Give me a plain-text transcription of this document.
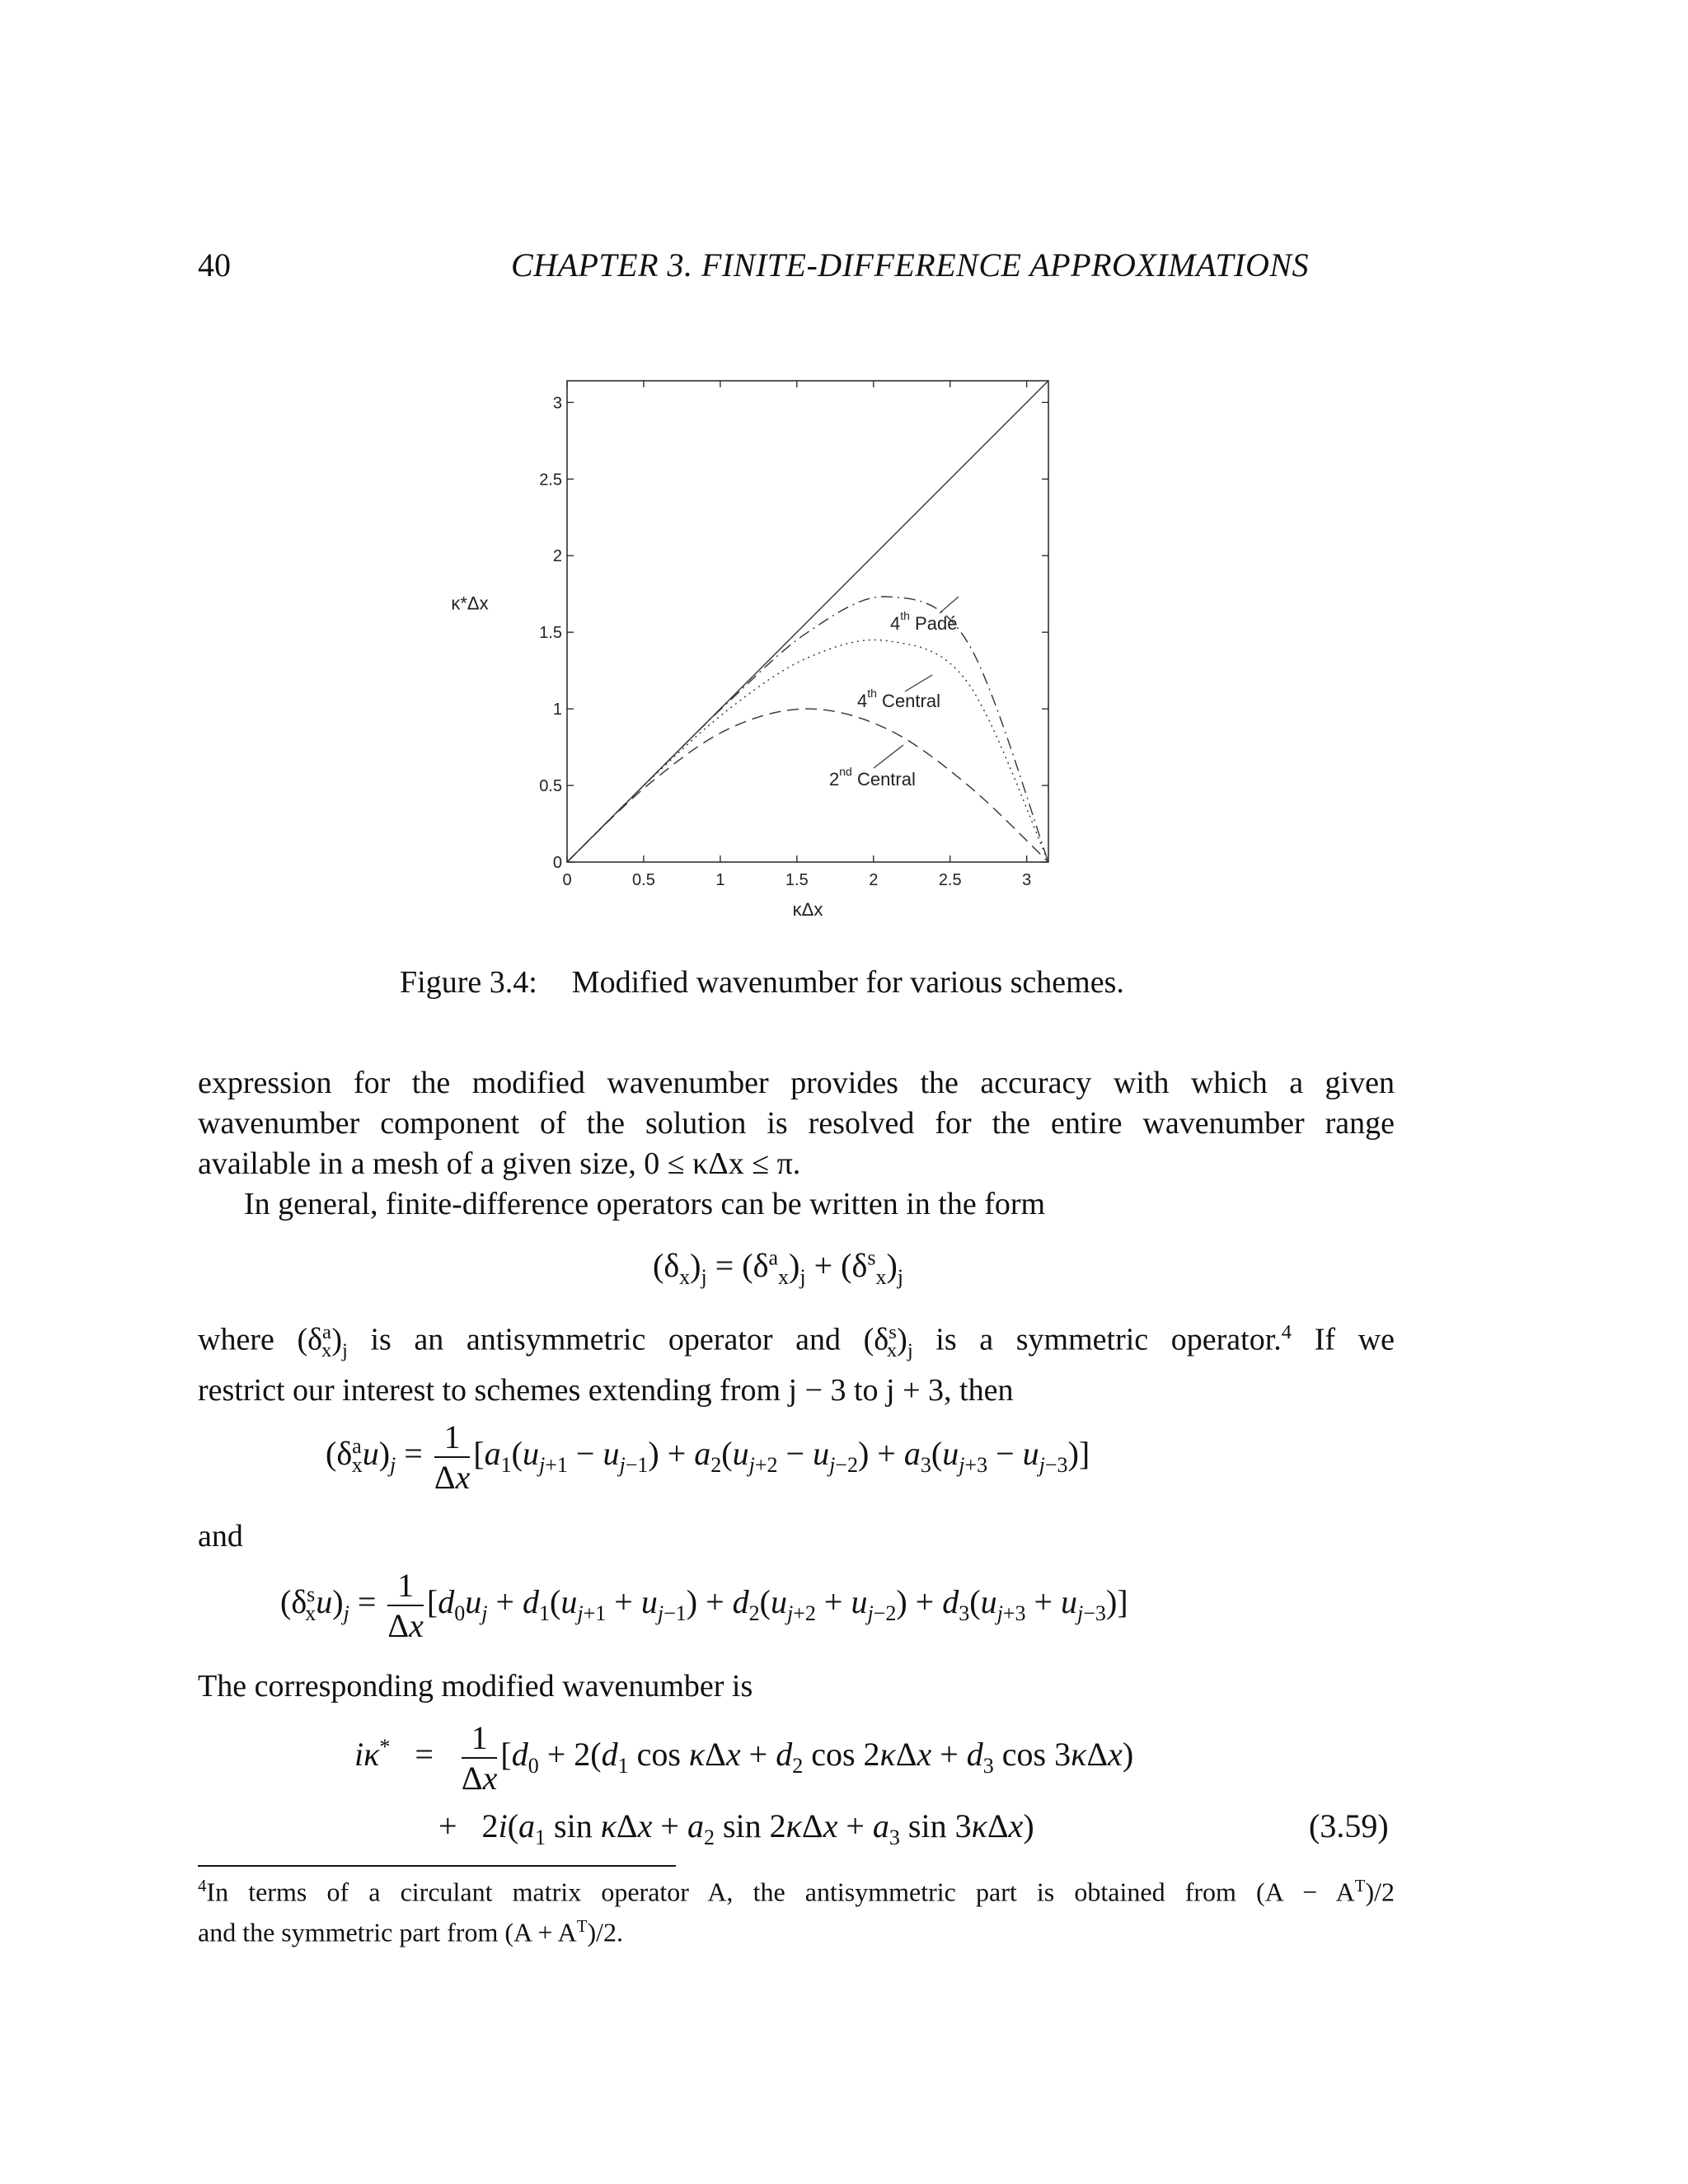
40	CHAPTER 3. FINITE-DIFFERENCE APPROXIMATIONS
0	0.5	1	1.5	2	2.5	3
0
0.5
1
1.5
2
2.5
3
κΔx
κ*Δx
4th Padé
4th Central
2nd Central
Figure 3.4: Modified wavenumber for various schemes.
expression for the modified wavenumber provides the accuracy with which a given
wavenumber component of the solution is resolved for the entire wavenumber range
available in a mesh of a given size, 0 ≤ κΔx ≤ π.
In general, finite-difference operators can be written in the form
$(\delta_x)_j = (\delta^a_x)_j + (\delta^s_x)_j$
where $(\delta^a_x)_j$ is an antisymmetric operator and $(\delta^s_x)_j$ is a symmetric operator.$^4$ If we
restrict our interest to schemes extending from j − 3 to j + 3, then
$(\delta^a_xu)_j = \frac{1}{\Delta x} [a_1(u_{j+1} - u_{j-1}) + a_2(u_{j+2} - u_{j-2}) + a_3(u_{j+3} - u_{j-3})]$
and
$(\delta^s_xu)_j = \frac{1}{\Delta x} [d_0u_j + d_1(u_{j+1} + u_{j-1}) + d_2(u_{j+2} + u_{j-2}) + d_3(u_{j+3} + u_{j-3})]$
The corresponding modified wavenumber is
$i\kappa^* = \frac{1}{\Delta x} [d_0 + 2(d_1$ $\cos \kappa\Delta x + d_2$ $\cos 2\kappa\Delta x + d_3$ cos 3κΔx)
+   $2i(a_1$ $\sin \kappa\Delta x + a_2$ $\sin 2\kappa\Delta x + a_3$ sin 3κΔx)	(3.59)
$^4$In terms of a circulant matrix operator A, the antisymmetric part is obtained from $(A - A^T)/2$
and the symmetric part from $(A + A^T)/2$.
